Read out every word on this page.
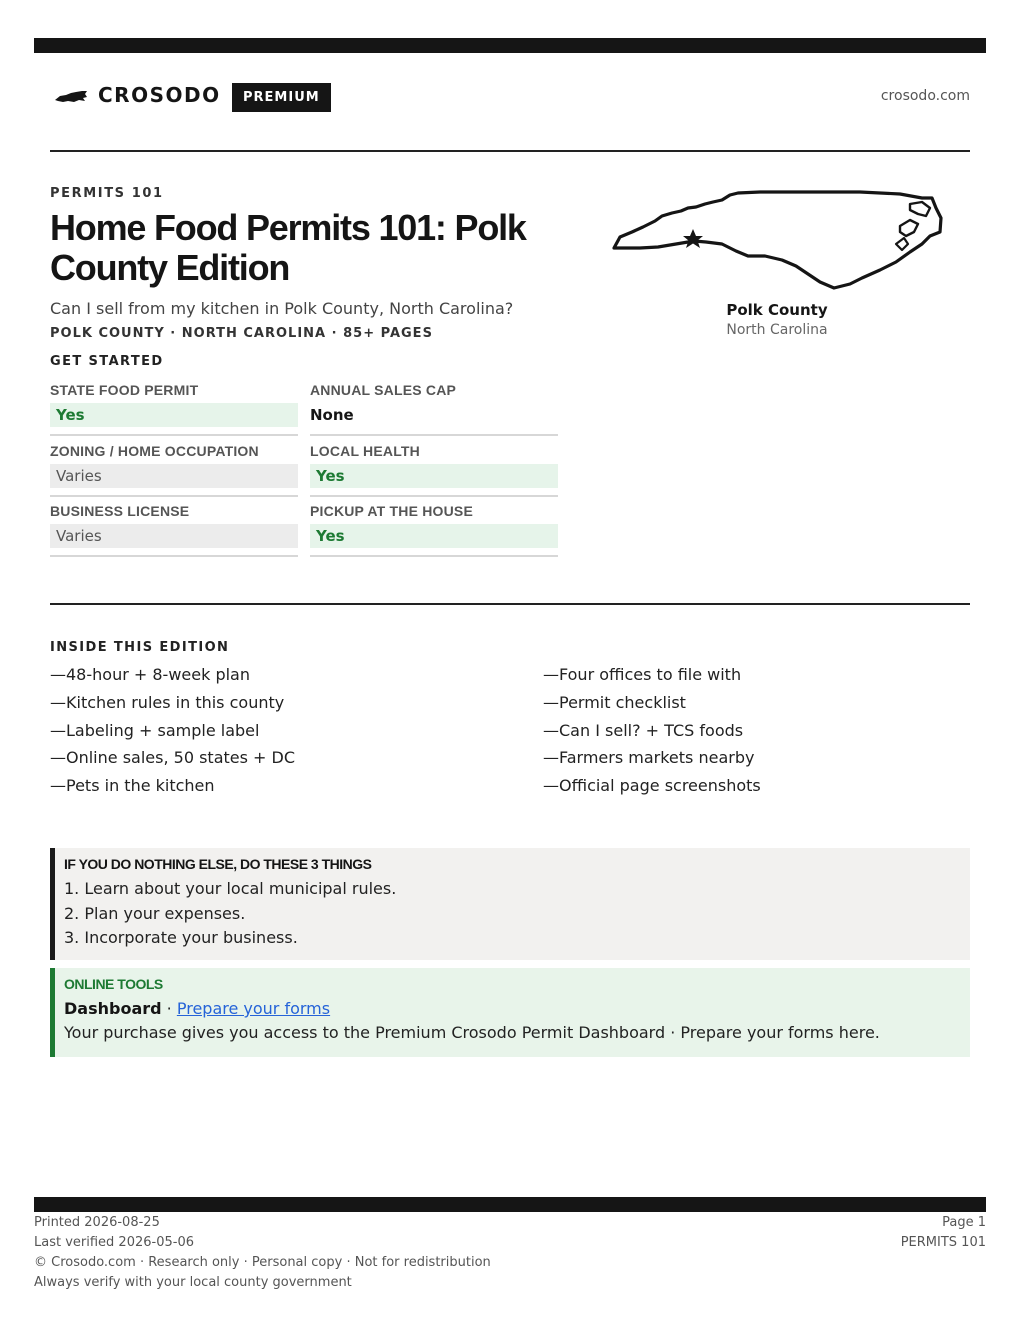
CROSODO	PREMIUM	crosodo.com
PERMITS 101
Home Food Permits 101: Polk County Edition
Can I sell from my kitchen in Polk County, North Carolina?
POLK COUNTY · NORTH CAROLINA · 85+ PAGES
GET STARTED
STATE FOOD PERMIT
Yes
ANNUAL SALES CAP
None
ZONING / HOME OCCUPATION
Varies
LOCAL HEALTH
Yes
BUSINESS LICENSE
Varies
PICKUP AT THE HOUSE
Yes
Polk County
North Carolina
INSIDE THIS EDITION
—48-hour + 8-week plan
—Kitchen rules in this county
—Labeling + sample label
—Online sales, 50 states + DC
—Pets in the kitchen
—Four offices to file with
—Permit checklist
—Can I sell? + TCS foods
—Farmers markets nearby
—Official page screenshots
IF YOU DO NOTHING ELSE, DO THESE 3 THINGS
1. Learn about your local municipal rules.
2. Plan your expenses.
3. Incorporate your business.
ONLINE TOOLS
Dashboard · Prepare your forms
Your purchase gives you access to the Premium Crosodo Permit Dashboard · Prepare your forms here.
Printed 2026-08-25
Last verified 2026-05-06
© Crosodo.com · Research only · Personal copy · Not for redistribution
Always verify with your local county government
Page 1
PERMITS 101
